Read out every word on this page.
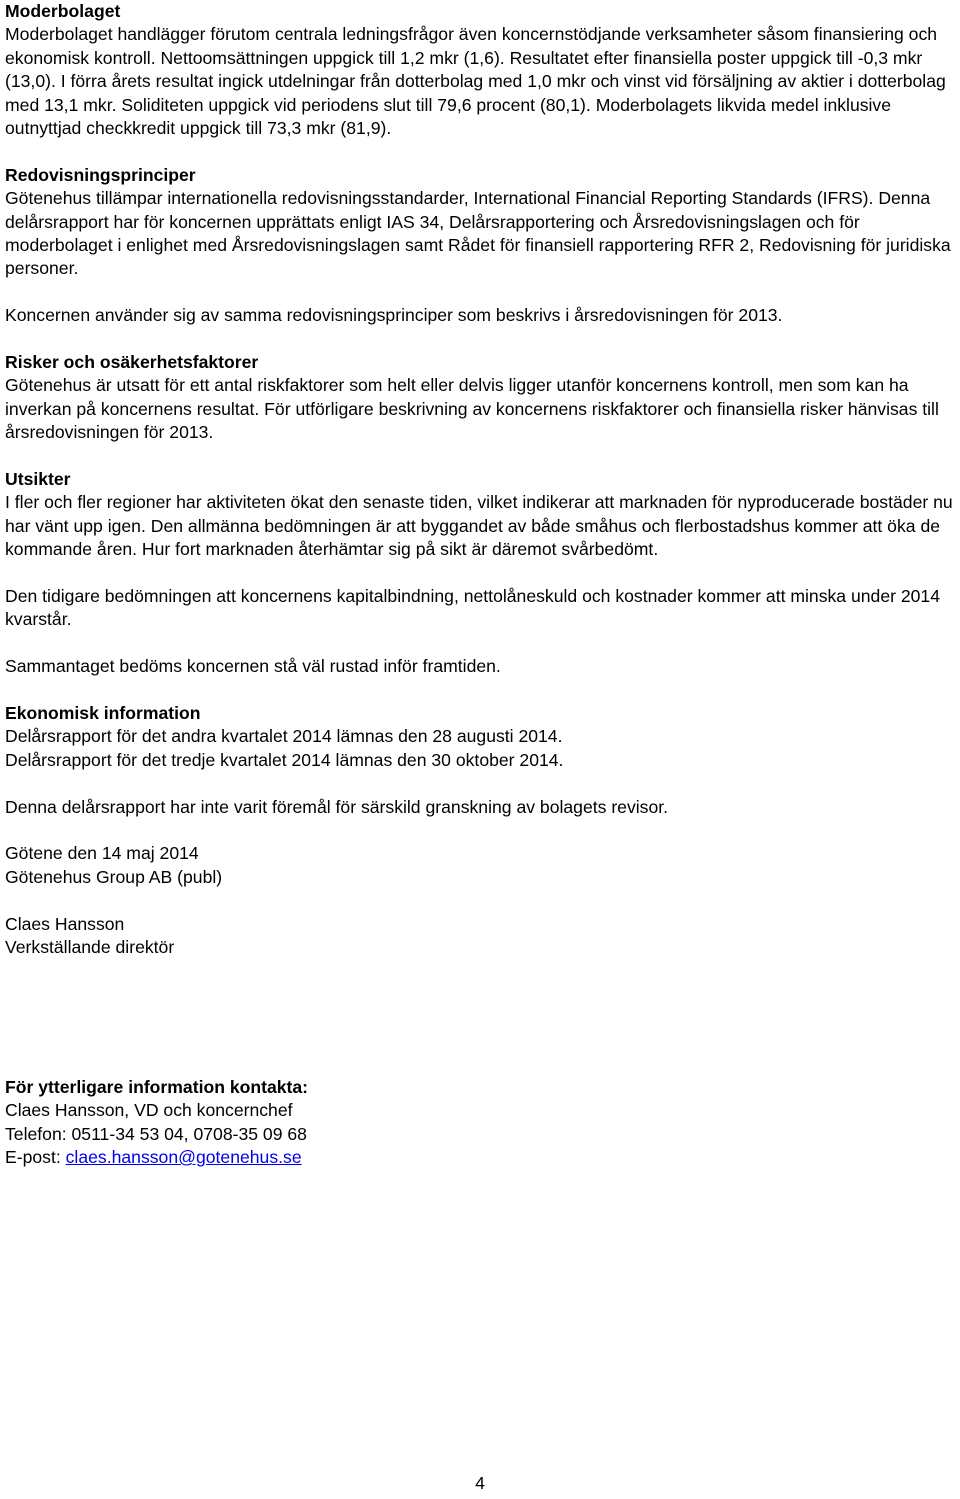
Moderbolaget
Moderbolaget handlägger förutom centrala ledningsfrågor även koncernstödjande verksamheter såsom finansiering och ekonomisk kontroll. Nettoomsättningen uppgick till 1,2 mkr (1,6). Resultatet efter finansiella poster uppgick till -0,3 mkr (13,0). I förra årets resultat ingick utdelningar från dotterbolag med 1,0 mkr och vinst vid försäljning av aktier i dotterbolag med 13,1 mkr. Soliditeten uppgick vid periodens slut till 79,6 procent (80,1). Moderbolagets likvida medel inklusive outnyttjad checkkredit uppgick till 73,3 mkr (81,9).
Redovisningsprinciper
Götenehus tillämpar internationella redovisningsstandarder, International Financial Reporting Standards (IFRS). Denna delårsrapport har för koncernen upprättats enligt IAS 34, Delårsrapportering och Årsredovisningslagen och för moderbolaget i enlighet med Årsredovisningslagen samt Rådet för finansiell rapportering RFR 2, Redovisning för juridiska personer.
Koncernen använder sig av samma redovisningsprinciper som beskrivs i årsredovisningen för 2013.
Risker och osäkerhetsfaktorer
Götenehus är utsatt för ett antal riskfaktorer som helt eller delvis ligger utanför koncernens kontroll, men som kan ha inverkan på koncernens resultat. För utförligare beskrivning av koncernens riskfaktorer och finansiella risker hänvisas till årsredovisningen för 2013.
Utsikter
I fler och fler regioner har aktiviteten ökat den senaste tiden, vilket indikerar att marknaden för nyproducerade bostäder nu har vänt upp igen. Den allmänna bedömningen är att byggandet av både småhus och flerbostadshus kommer att öka de kommande åren. Hur fort marknaden återhämtar sig på sikt är däremot svårbedömt.
Den tidigare bedömningen att koncernens kapitalbindning, nettolåneskuld och kostnader kommer att minska under 2014 kvarstår.
Sammantaget bedöms koncernen stå väl rustad inför framtiden.
Ekonomisk information
Delårsrapport för det andra kvartalet 2014 lämnas den 28 augusti 2014.
Delårsrapport för det tredje kvartalet 2014 lämnas den 30 oktober 2014.
Denna delårsrapport har inte varit föremål för särskild granskning av bolagets revisor.
Götene den 14 maj 2014
Götenehus Group AB (publ)
Claes Hansson
Verkställande direktör
För ytterligare information kontakta:
Claes Hansson, VD och koncernchef
Telefon: 0511-34 53 04, 0708-35 09 68
E-post: claes.hansson@gotenehus.se
4
